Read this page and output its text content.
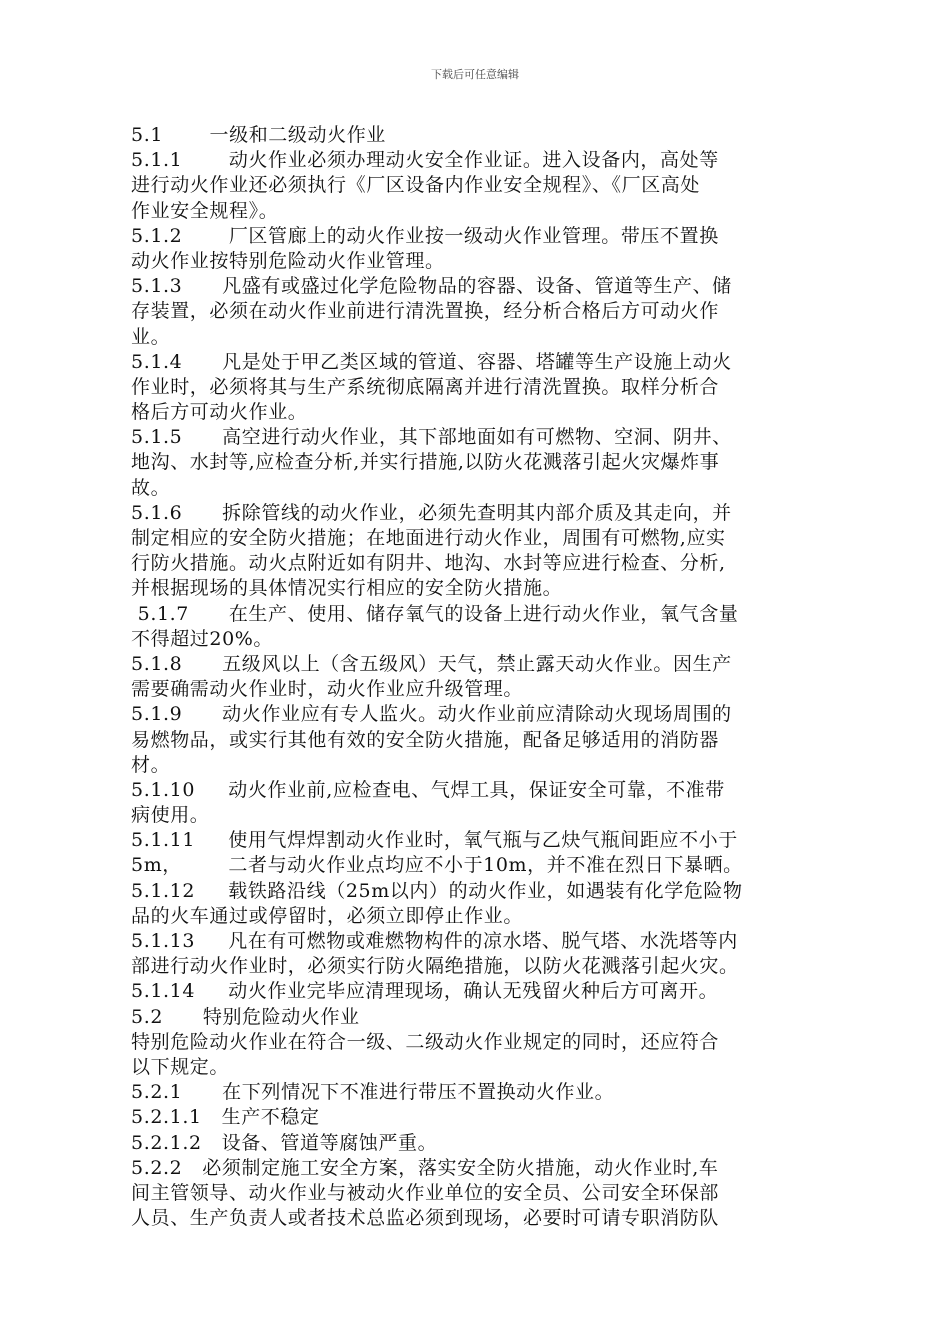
下载后可任意编辑
5.1       一级和二级动火作业
5.1.1       动火作业必须办理动火安全作业证。进入设备内，高处等
进行动火作业还必须执行《厂区设备内作业安全规程》、《厂区高处
作业安全规程》。
5.1.2       厂区管廊上的动火作业按一级动火作业管理。带压不置换
动火作业按特别危险动火作业管理。
5.1.3      凡盛有或盛过化学危险物品的容器、设备、管道等生产、储
存装置，必须在动火作业前进行清洗置换，经分析合格后方可动火作
业。
5.1.4      凡是处于甲乙类区域的管道、容器、塔罐等生产设施上动火
作业时，必须将其与生产系统彻底隔离并进行清洗置换。取样分析合
格后方可动火作业。
5.1.5      高空进行动火作业，其下部地面如有可燃物、空洞、阴井、
地沟、水封等,应检查分析,并实行措施,以防火花溅落引起火灾爆炸事
故。
5.1.6      拆除管线的动火作业，必须先查明其内部介质及其走向，并
制定相应的安全防火措施；在地面进行动火作业，周围有可燃物,应实
行防火措施。动火点附近如有阴井、地沟、水封等应进行检查、分析,
并根据现场的具体情况实行相应的安全防火措施。
5.1.7      在生产、使用、储存氧气的设备上进行动火作业，氧气含量
不得超过20%。
5.1.8      五级风以上（含五级风）天气，禁止露天动火作业。因生产
需要确需动火作业时，动火作业应升级管理。
5.1.9      动火作业应有专人监火。动火作业前应清除动火现场周围的
易燃物品，或实行其他有效的安全防火措施，配备足够适用的消防器
材。
5.1.10     动火作业前,应检查电、气焊工具，保证安全可靠，不准带
病使用。
5.1.11     使用气焊焊割动火作业时，氧气瓶与乙炔气瓶间距应不小于
5m，       二者与动火作业点均应不小于10m，并不准在烈日下暴晒。
5.1.12     载铁路沿线（25m以内）的动火作业，如遇装有化学危险物
品的火车通过或停留时，必须立即停止作业。
5.1.13     凡在有可燃物或难燃物构件的凉水塔、脱气塔、水洗塔等内
部进行动火作业时，必须实行防火隔绝措施，以防火花溅落引起火灾。
5.1.14     动火作业完毕应清理现场，确认无残留火种后方可离开。
5.2      特别危险动火作业
特别危险动火作业在符合一级、二级动火作业规定的同时，还应符合
以下规定。
5.2.1      在下列情况下不准进行带压不置换动火作业。
5.2.1.1   生产不稳定
5.2.1.2   设备、管道等腐蚀严重。
5.2.2   必须制定施工安全方案，落实安全防火措施，动火作业时,车
间主管领导、动火作业与被动火作业单位的安全员、公司安全环保部
人员、生产负责人或者技术总监必须到现场，必要时可请专职消防队
